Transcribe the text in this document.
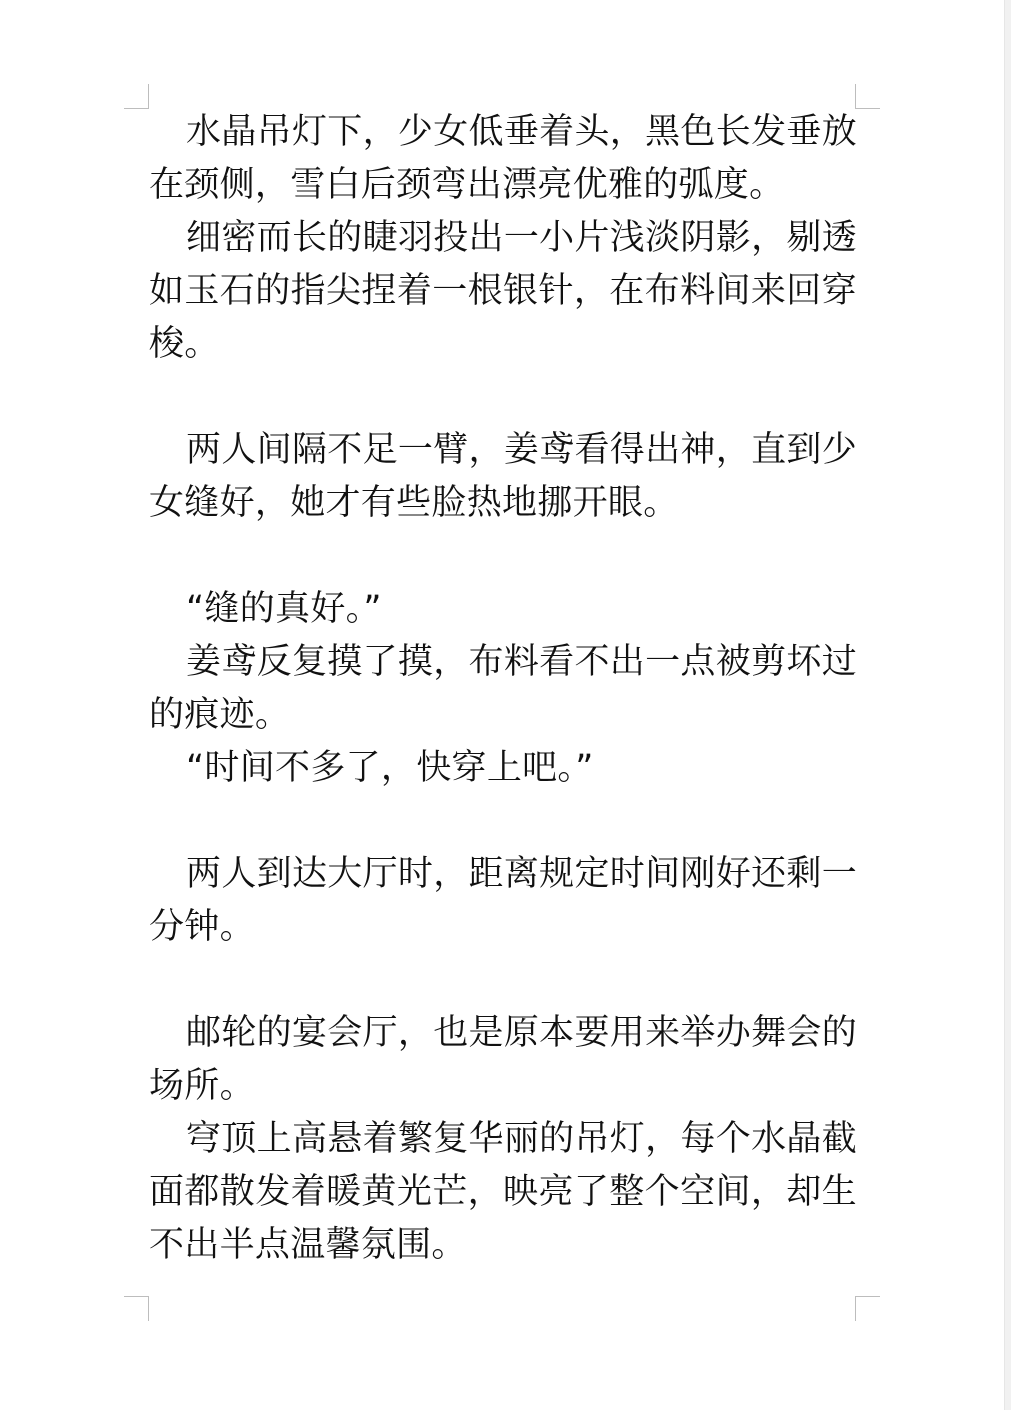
水晶吊灯下，少女低垂着头，黑色长发垂放在颈侧，雪白后颈弯出漂亮优雅的弧度。

细密而长的睫羽投出一小片浅淡阴影，剔透如玉石的指尖捏着一根银针，在布料间来回穿梭。

两人间隔不足一臂，姜鸢看得出神，直到少女缝好，她才有些脸热地挪开眼。

“缝的真好。”

姜鸢反复摸了摸，布料看不出一点被剪坏过的痕迹。

“时间不多了，快穿上吧。”

两人到达大厅时，距离规定时间刚好还剩一分钟。

邮轮的宴会厅，也是原本要用来举办舞会的场所。

穹顶上高悬着繁复华丽的吊灯，每个水晶截面都散发着暖黄光芒，映亮了整个空间，却生不出半点温馨氛围。
